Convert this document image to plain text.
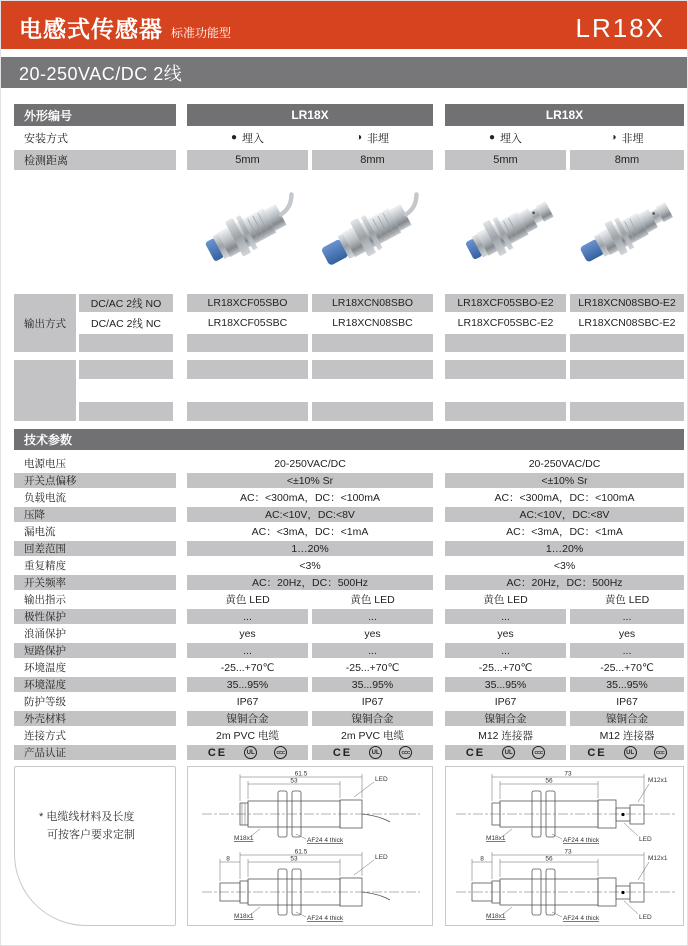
电感式传感器 标准功能型	LR18X
20-250VAC/DC 2线
外形编号	LR18X	LR18X
安装方式	● 埋入	◑ 非埋	● 埋入	◑ 非埋
检测距离	5mm	8mm	5mm	8mm
输出方式
DC/AC 2线 NO	LR18XCF05SBO	LR18XCN08SBO	LR18XCF05SBO-E2	LR18XCN08SBO-E2
DC/AC 2线 NC	LR18XCF05SBC	LR18XCN08SBC	LR18XCF05SBC-E2	LR18XCN08SBC-E2
技术参数
电源电压	20-250VAC/DC	20-250VAC/DC
开关点偏移	<±10% Sr	<±10% Sr
负载电流	AC：<300mA，DC：<100mA	AC：<300mA，DC：<100mA
压降	AC:<10V，DC:<8V	AC:<10V，DC:<8V
漏电流	AC：<3mA，DC：<1mA	AC：<3mA，DC：<1mA
回差范围	1…20%	1…20%
重复精度	<3%	<3%
开关频率	AC：20Hz，DC：500Hz	AC：20Hz，DC：500Hz
输出指示	黄色 LED	黄色 LED	黄色 LED	黄色 LED
极性保护	...	...	...	...
浪涌保护	yes	yes	yes	yes
短路保护	...	...	...	...
环境温度	-25...+70℃	-25...+70℃	-25...+70℃	-25...+70℃
环境湿度	35...95%	35...95%	35...95%	35...95%
防护等级	IP67	IP67	IP67	IP67
外壳材料	镍铜合金	镍铜合金	镍铜合金	镍铜合金
连接方式	2m PVC 电缆	2m PVC 电缆	M12 连接器	M12 连接器
产品认证	CE	UL	CCC	CE	UL	CCC	CE	UL	CCC	CE	UL	CCC
* 电缆线材料及长度
可按客户要求定制
61.5
53	LED
M18x1	AF24 4 thick
61.5
53
8	LED
M18x1	AF24 4 thick
73
56	M12x1
M18x1	AF24 4 thick	LED
73
56
8	M12x1
M18x1	AF24 4 thick	LED
